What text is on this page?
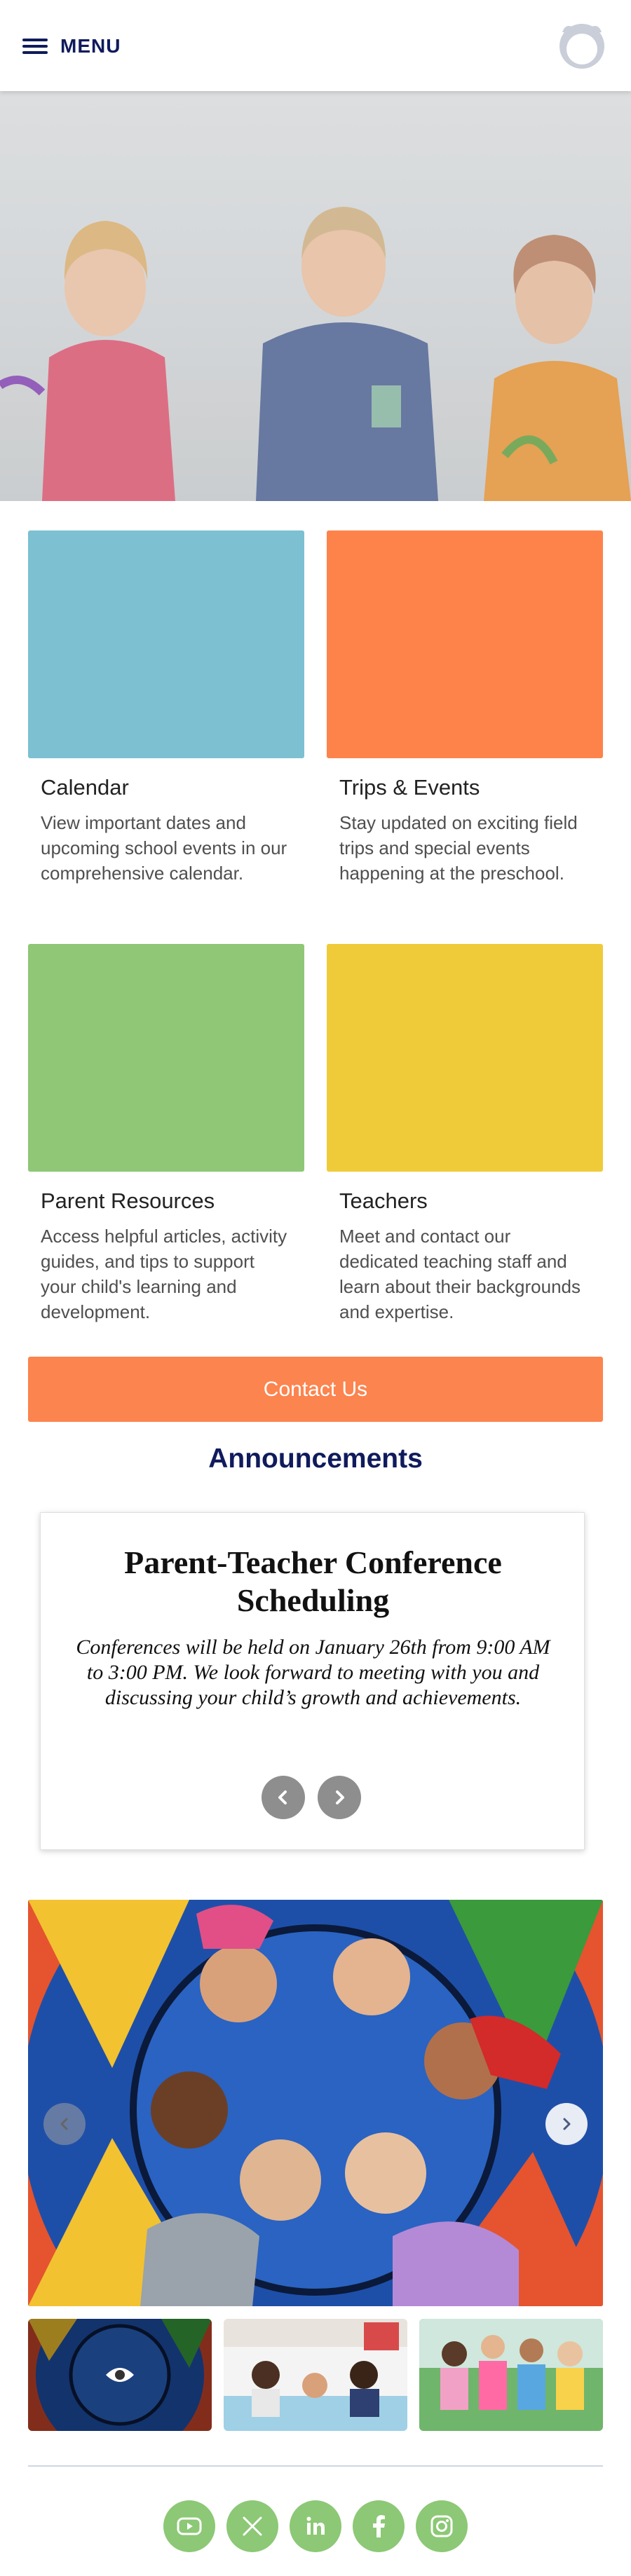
MENU
Calendar
View important dates and upcoming school events in our comprehensive calendar.
Trips & Events
Stay updated on exciting field trips and special events happening at the preschool.
Parent Resources
Access helpful articles, activity guides, and tips to support your child's learning and development.
Teachers
Meet and contact our dedicated teaching staff and learn about their backgrounds and expertise.
Contact Us
Announcements
Parent-Teacher Conference Scheduling
Conferences will be held on January 26th from 9:00 AM to 3:00 PM. We look forward to meeting with you and discussing your child’s growth and achievements.
